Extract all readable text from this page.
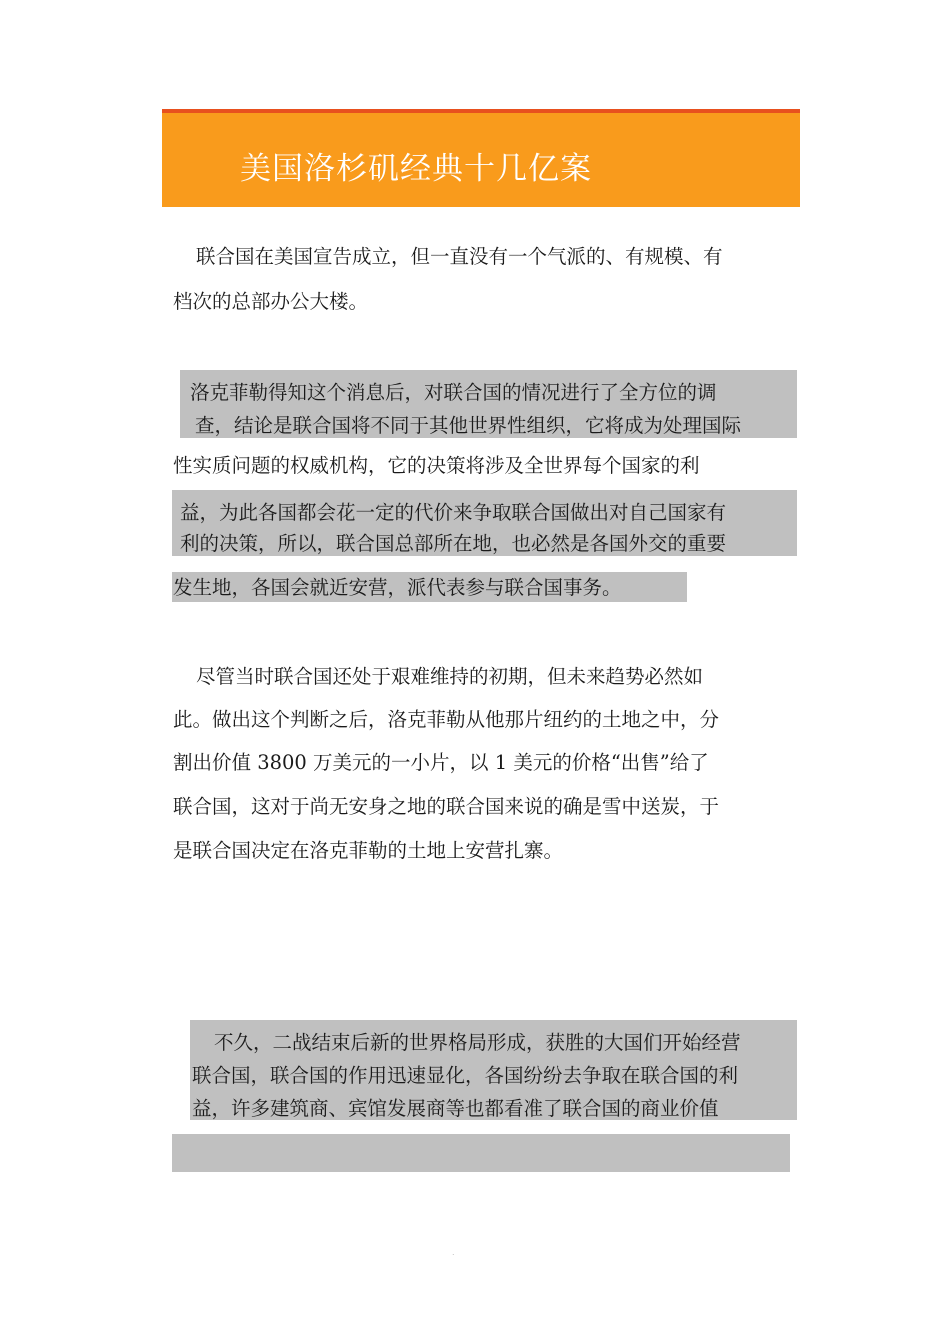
美国洛杉矶经典十几亿案

联合国在美国宣告成立，但一直没有一个气派的、有规模、有

档次的总部办公大楼。

洛克菲勒得知这个消息后，对联合国的情况进行了全方位的调

查，结论是联合国将不同于其他世界性组织，它将成为处理国际

性实质问题的权威机构，它的决策将涉及全世界每个国家的利

益，为此各国都会花一定的代价来争取联合国做出对自己国家有

利的决策，所以，联合国总部所在地，也必然是各国外交的重要

发生地，各国会就近安营，派代表参与联合国事务。

尽管当时联合国还处于艰难维持的初期，但未来趋势必然如

此。做出这个判断之后，洛克菲勒从他那片纽约的土地之中，分

割出价值 3800 万美元的一小片，以 1 美元的价格“出售”给了

联合国，这对于尚无安身之地的联合国来说的确是雪中送炭，于

是联合国决定在洛克菲勒的土地上安营扎寨。

不久，二战结束后新的世界格局形成，获胜的大国们开始经营

联合国，联合国的作用迅速显化，各国纷纷去争取在联合国的利

益，许多建筑商、宾馆发展商等也都看准了联合国的商业价值

.
